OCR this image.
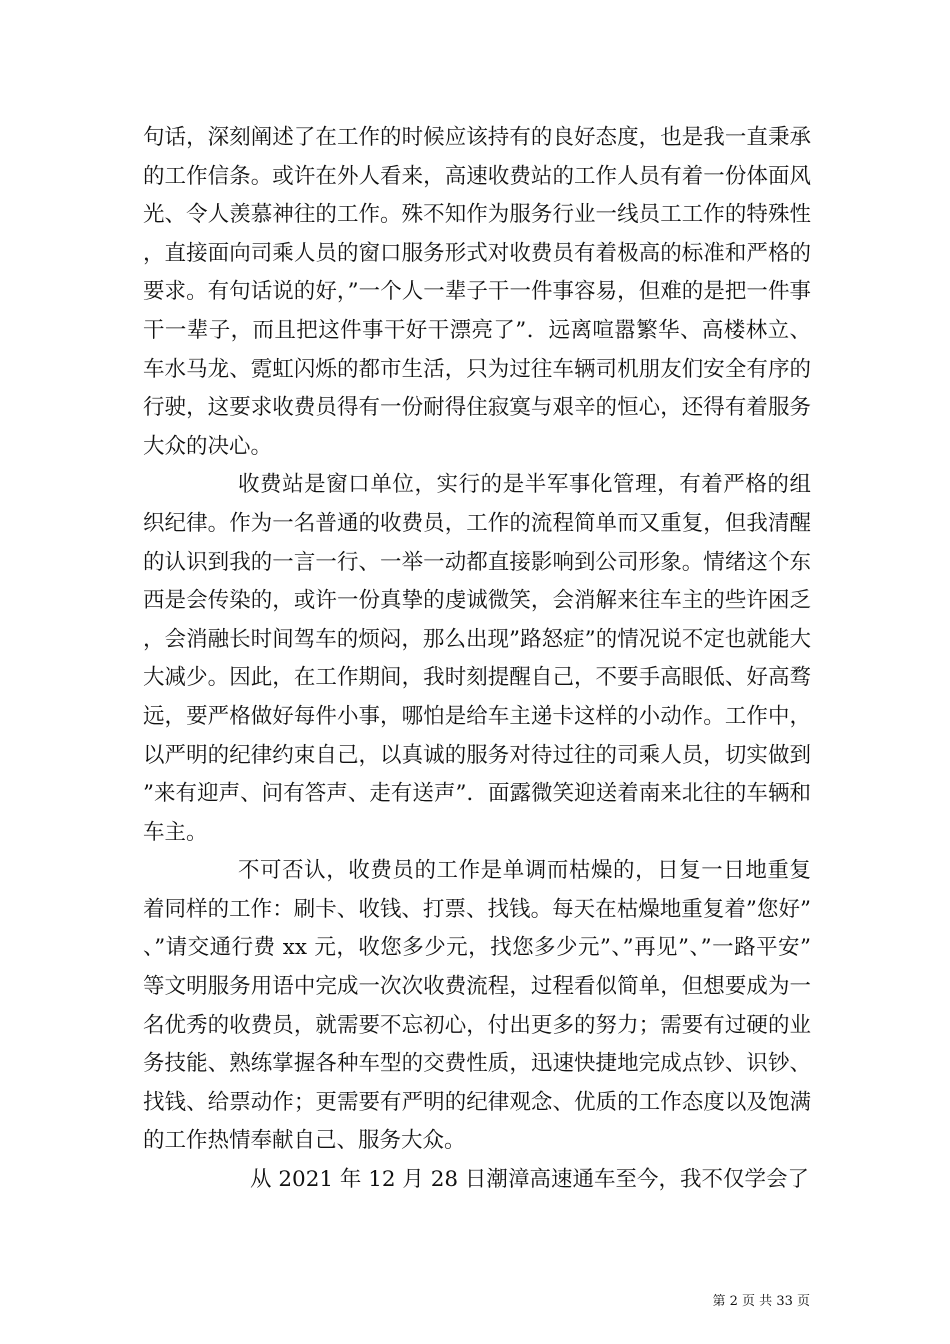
句话，深刻阐述了在工作的时候应该持有的良好态度，也是我一直秉承的工作信条。或许在外人看来，高速收费站的工作人员有着一份体面风光、令人羡慕神往的工作。殊不知作为服务行业一线员工工作的特殊性，直接面向司乘人员的窗口服务形式对收费员有着极高的标准和严格的要求。有句话说的好，”一个人一辈子干一件事容易，但难的是把一件事干一辈子，而且把这件事干好干漂亮了”．远离喧嚣繁华、高楼林立、车水马龙、霓虹闪烁的都市生活，只为过往车辆司机朋友们安全有序的行驶，这要求收费员得有一份耐得住寂寞与艰辛的恒心，还得有着服务大众的决心。

收费站是窗口单位，实行的是半军事化管理，有着严格的组织纪律。作为一名普通的收费员，工作的流程简单而又重复，但我清醒的认识到我的一言一行、一举一动都直接影响到公司形象。情绪这个东西是会传染的，或许一份真挚的虔诚微笑，会消解来往车主的些许困乏，会消融长时间驾车的烦闷，那么出现”路怒症”的情况说不定也就能大大减少。因此，在工作期间，我时刻提醒自己，不要手高眼低、好高骛远，要严格做好每件小事，哪怕是给车主递卡这样的小动作。工作中，以严明的纪律约束自己，以真诚的服务对待过往的司乘人员，切实做到”来有迎声、问有答声、走有送声”．面露微笑迎送着南来北往的车辆和车主。

不可否认，收费员的工作是单调而枯燥的，日复一日地重复着同样的工作：刷卡、收钱、打票、找钱。每天在枯燥地重复着”您好”、”请交通行费 xx 元，收您多少元，找您多少元”、”再见”、”一路平安”等文明服务用语中完成一次次收费流程，过程看似简单，但想要成为一名优秀的收费员，就需要不忘初心，付出更多的努力；需要有过硬的业务技能、熟练掌握各种车型的交费性质，迅速快捷地完成点钞、识钞、找钱、给票动作；更需要有严明的纪律观念、优质的工作态度以及饱满的工作热情奉献自己、服务大众。

从 2021 年 12 月 28 日潮漳高速通车至今，我不仅学会了

第 2 页 共 33 页
